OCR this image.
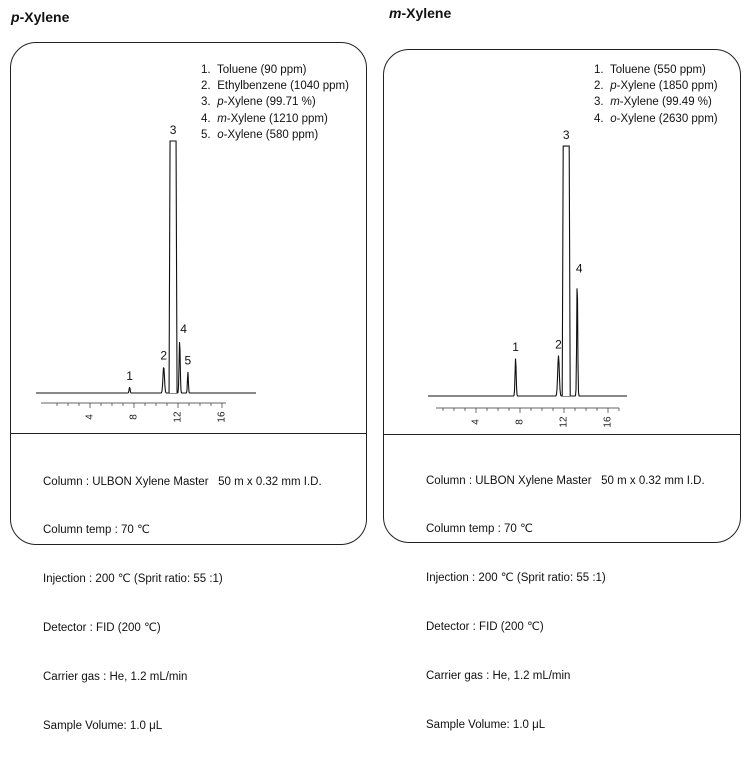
p-Xylene
1
2
3
4
5
4	8	12	16
1. Toluene (90 ppm)
2. Ethylbenzene (1040 ppm)
3. p-Xylene (99.71 %)
4. m-Xylene (1210 ppm)
5. o-Xylene (580 ppm)

Column : ULBON Xylene Master   50 m x 0.32 mm I.D.

Column temp : 70 ℃

Injection : 200 ℃ (Sprit ratio: 55 :1)

Detector : FID (200 ℃)

Carrier gas : He, 1.2 mL/min

Sample Volume: 1.0 μL

m-Xylene
1	2
3
4
4	8	12	16
1. Toluene (550 ppm)
2. p-Xylene (1850 ppm)
3. m-Xylene (99.49 %)
4. o-Xylene (2630 ppm)

Column : ULBON Xylene Master   50 m x 0.32 mm I.D.

Column temp : 70 ℃

Injection : 200 ℃ (Sprit ratio: 55 :1)

Detector : FID (200 ℃)

Carrier gas : He, 1.2 mL/min

Sample Volume: 1.0 μL
